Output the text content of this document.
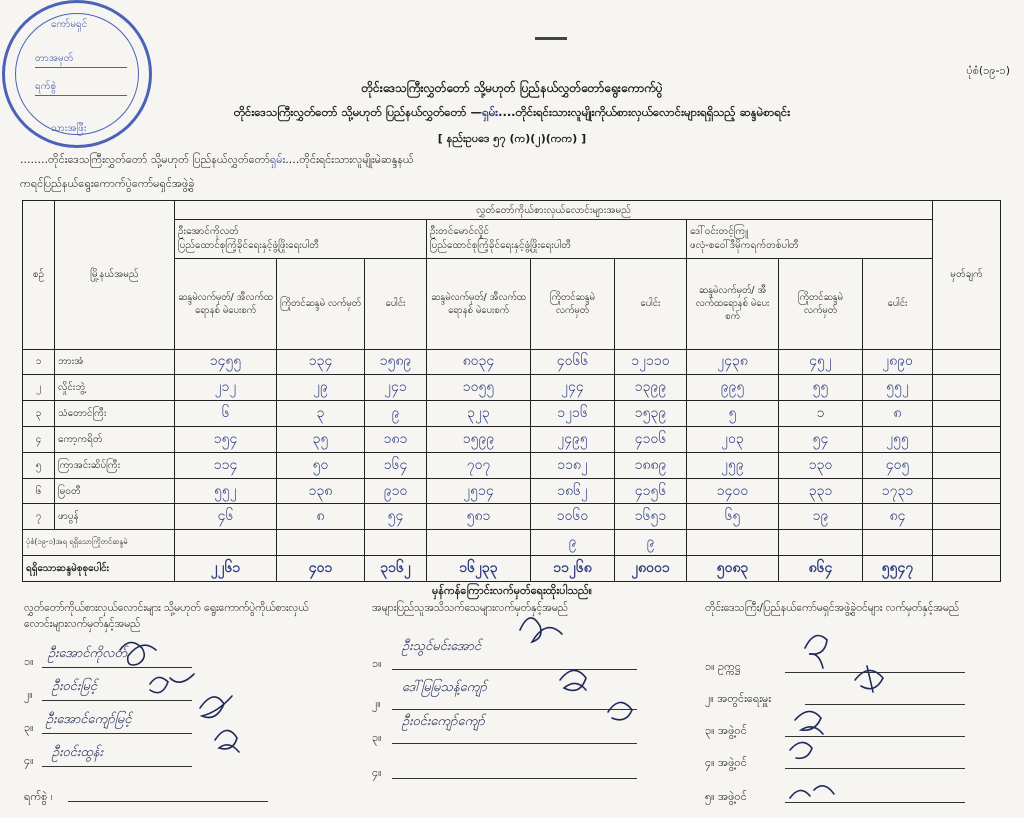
ကော်မရှင်
တာအမှတ်
ရက်စွဲ
သားအဖြီး
ပုံစံ(၁၉-၁)
တိုင်းဒေသကြီးလွှတ်တော် သို့မဟုတ် ပြည်နယ်လွှတ်တော်ရွေးကောက်ပွဲ
တိုင်းဒေသကြီးလွှတ်တော် သို့မဟုတ် ပြည်နယ်လွှတ်တော် —ရှမ်း....တိုင်းရင်းသားလူမျိုးကိုယ်စားလှယ်လောင်းများရရှိသည့် ဆန္ဒမဲစာရင်း
[ နည်းဥပဒေ ၅၇ (က)(၂)(ကက) ]
........တိုင်းဒေသကြီးလွှတ်တော် သို့မဟုတ် ပြည်နယ်လွှတ်တော်ရှမ်း....တိုင်းရင်းသားလူမျိုးမဲဆန္ဒနယ်
ကရင်ပြည်နယ်ရွေးကောက်ပွဲကော်မရှင်အဖွဲ့ခွဲ
စဉ်	မြို့နယ်အမည်	လွှတ်တော်ကိုယ်စားလှယ်လောင်းများအမည်									မှတ်ချက်
		ဦးအောင်ကိုလတ်
ပြည်ထောင်စုကြံ့ခိုင်ရေးနှင့်ဖွံ့ဖြိုးရေးပါတီ			ဦးတင်မောင်လှိုင်
ပြည်ထောင်စုကြံ့ခိုင်ရေးနှင့်ဖွံ့ဖြိုးရေးပါတီ			ဒေါ်ဝင်းတင့်ကြူ
ဖလုံ-စဝေါ်ဒီမိုကရက်တစ်ပါတီ			
		ဆန္ဒမဲလက်မှတ်/ အီလက်ထရောနစ် မဲပေးစက်	ကြိုတင်ဆန္ဒမဲ လက်မှတ်	ပေါင်း	ဆန္ဒမဲလက်မှတ်/ အီလက်ထရောနစ် မဲပေးစက်	ကြိုတင်ဆန္ဒမဲ လက်မှတ်	ပေါင်း	ဆန္ဒမဲလက်မှတ်/ အီလက်ထရောနစ် မဲပေးစက်	ကြိုတင်ဆန္ဒမဲ လက်မှတ်	ပေါင်း	
၁	ဘားအံ	၁၄၅၅	၁၃၄	၁၅၈၉	၈၀၃၄	၄၀၆၆	၁၂၁၁၀	၂၄၃၈	၄၅၂	၂၈၉၀	
၂	လှိုင်းဘွဲ့	၂၁၂	၂၉	၂၄၁	၁၀၅၅	၂၄၄	၁၃၉၉	၉၉၅	၅၅	၅၅၂	
၃	သံတောင်ကြီး	၆	၃	၉	၃၂၃	၁၂၁၆	၁၅၃၉	၅	၁	၈	
၄	ကော့ကရိတ်	၁၅၄	၃၅	၁၈၁	၁၅၉၉	၂၄၉၅	၄၁၀၆	၂၀၃	၅၄	၂၅၅	
၅	ကြာအင်းဆိပ်ကြီး	၁၁၄	၅၀	၁၆၄	၇၀၇	၁၁၈၂	၁၈၈၉	၂၅၉	၁၃၀	၄၀၅	
၆	မြဝတီ	၅၅၂	၁၃၈	၉၁၀	၂၅၁၄	၁၈၆၂	၄၁၅၆	၁၄၀၀	၃၃၁	၁၇၃၁	
၇	ဖာပွန်	၄၆	၈	၅၄	၅၈၁	၁၀၆၀	၁၆၅၁	၆၅	၁၉	၈၄	
ပုံစံ(၁၉-၁)အရ ရရှိသောကြိုတင်ဆန္ဒမဲ						၉	၉				
ရရှိသောဆန္ဒမဲစုစုပေါင်း		၂၂၆၁	၄၀၁	၃၁၆၂	၁၆၂၃၃	၁၁၂၆၈	၂၈၀၀၁	၅၀၈၃	၈၆၄	၅၅၄၇	
မှန်ကန်ကြောင်းလက်မှတ်ရေးထိုးပါသည်။
လွှတ်တော်ကိုယ်စားလှယ်လောင်းများ သို့မဟုတ် ရွေးကောက်ပွဲကိုယ်စားလှယ်လောင်းများလက်မှတ်နှင့်အမည်
၁။
ဦးအောင်ကိုလတ်
၂။
ဦးဝင်းမြင့်
၃။
ဦးအောင်ကျော်မြင့်
၄။
ဦးဝင်းထွန်း
ရက်စွဲ ၊
အများပြည်သူအသိသက်သေများလက်မှတ်နှင့်အမည်
၁။
ဦးသွင်မင်းအောင်
၂။
ဒေါ်မြမြသန့်ကျော်
၃။
ဦးဝင်းကျော်ကျော်
၄။
တိုင်းဒေသကြီး/ပြည်နယ်ကော်မရှင်အဖွဲ့ခွဲဝင်များ လက်မှတ်နှင့်အမည်
၁။ ဥက္ကဋ္ဌ
၂။ အတွင်းရေးမှူး
၃။ အဖွဲ့ဝင်
၄။ အဖွဲ့ဝင်
၅။ အဖွဲ့ဝင်
